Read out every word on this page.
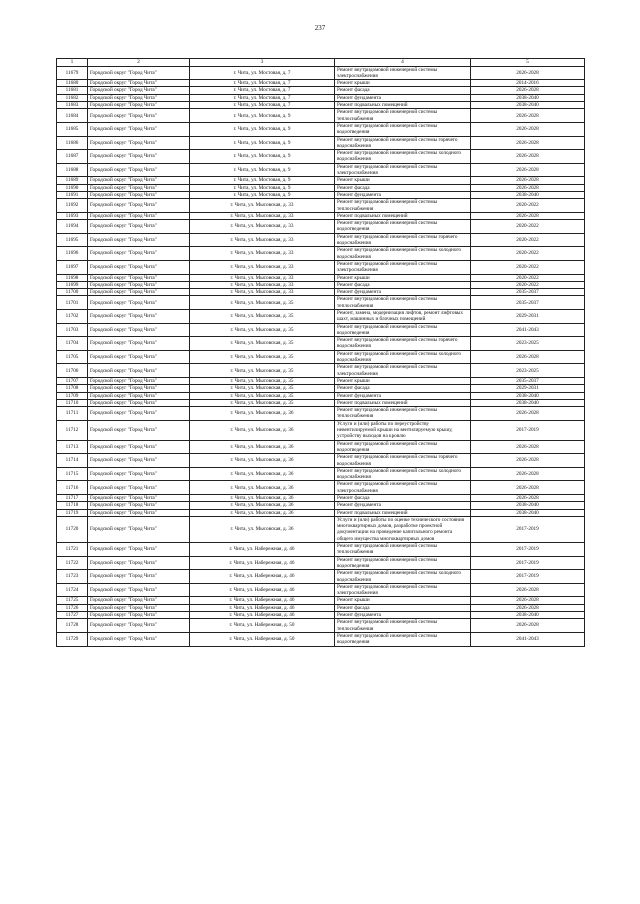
237
1	2	3	4	5
11679	Городской округ "Город Чита"	г. Чита, ул. Мостовая, д. 7	Ремонт внутридомовой инженерной системы электроснабжения	2026-2028
11680	Городской округ "Город Чита"	г. Чита, ул. Мостовая, д. 7	Ремонт крыши	2014-2016
11681	Городской округ "Город Чита"	г. Чита, ул. Мостовая, д. 7	Ремонт фасада	2026-2028
11682	Городской округ "Город Чита"	г. Чита, ул. Мостовая, д. 7	Ремонт фундамента	2038-2040
11683	Городской округ "Город Чита"	г. Чита, ул. Мостовая, д. 7	Ремонт подвальных помещений	2038-2040
11684	Городской округ "Город Чита"	г. Чита, ул. Мостовая, д. 9	Ремонт внутридомовой инженерной системы теплоснабжения	2026-2028
11685	Городской округ "Город Чита"	г. Чита, ул. Мостовая, д. 9	Ремонт внутридомовой инженерной системы водоотведения	2026-2028
11686	Городской округ "Город Чита"	г. Чита, ул. Мостовая, д. 9	Ремонт внутридомовой инженерной системы горячего водоснабжения	2026-2028
11687	Городской округ "Город Чита"	г. Чита, ул. Мостовая, д. 9	Ремонт внутридомовой инженерной системы холодного водоснабжения	2026-2028
11688	Городской округ "Город Чита"	г. Чита, ул. Мостовая, д. 9	Ремонт внутридомовой инженерной системы электроснабжения	2026-2028
11689	Городской округ "Город Чита"	г. Чита, ул. Мостовая, д. 9	Ремонт крыши	2026-2028
11690	Городской округ "Город Чита"	г. Чита, ул. Мостовая, д. 9	Ремонт фасада	2026-2028
11691	Городской округ "Город Чита"	г. Чита, ул. Мостовая, д. 9	Ремонт фундамента	2038-2040
11692	Городской округ "Город Чита"	г. Чита, ул. Мысовская, д. 33	Ремонт внутридомовой инженерной системы теплоснабжения	2020-2022
11693	Городской округ "Город Чита"	г. Чита, ул. Мысовская, д. 33	Ремонт подвальных помещений	2026-2028
11694	Городской округ "Город Чита"	г. Чита, ул. Мысовская, д. 33	Ремонт внутридомовой инженерной системы водоотведения	2020-2022
11695	Городской округ "Город Чита"	г. Чита, ул. Мысовская, д. 33	Ремонт внутридомовой инженерной системы горячего водоснабжения	2020-2022
11696	Городской округ "Город Чита"	г. Чита, ул. Мысовская, д. 33	Ремонт внутридомовой инженерной системы холодного водоснабжения	2020-2022
11697	Городской округ "Город Чита"	г. Чита, ул. Мысовская, д. 33	Ремонт внутридомовой инженерной системы электроснабжения	2020-2022
11698	Городской округ "Город Чита"	г. Чита, ул. Мысовская, д. 33	Ремонт крыши	2020-2022
11699	Городской округ "Город Чита"	г. Чита, ул. Мысовская, д. 33	Ремонт фасада	2020-2022
11700	Городской округ "Город Чита"	г. Чита, ул. Мысовская, д. 33	Ремонт фундамента	2035-2037
11701	Городской округ "Город Чита"	г. Чита, ул. Мысовская, д. 35	Ремонт внутридомовой инженерной системы теплоснабжения	2035-2037
11702	Городской округ "Город Чита"	г. Чита, ул. Мысовская, д. 35	Ремонт, замена, модернизация лифтов, ремонт лифтовых шахт, машинных и блочных помещений	2029-2031
11703	Городской округ "Город Чита"	г. Чита, ул. Мысовская, д. 35	Ремонт внутридомовой инженерной системы водоотведения	2041-2043
11704	Городской округ "Город Чита"	г. Чита, ул. Мысовская, д. 35	Ремонт внутридомовой инженерной системы горячего водоснабжения	2023-2025
11705	Городской округ "Город Чита"	г. Чита, ул. Мысовская, д. 35	Ремонт внутридомовой инженерной системы холодного водоснабжения	2026-2028
11706	Городской округ "Город Чита"	г. Чита, ул. Мысовская, д. 35	Ремонт внутридомовой инженерной системы электроснабжения	2023-2025
11707	Городской округ "Город Чита"	г. Чита, ул. Мысовская, д. 35	Ремонт крыши	2035-2037
11708	Городской округ "Город Чита"	г. Чита, ул. Мысовская, д. 35	Ремонт фасада	2029-2031
11709	Городской округ "Город Чита"	г. Чита, ул. Мысовская, д. 35	Ремонт фундамента	2038-2040
11710	Городской округ "Город Чита"	г. Чита, ул. Мысовская, д. 35	Ремонт подвальных помещений	2038-2040
11711	Городской округ "Город Чита"	г. Чита, ул. Мысовская, д. 36	Ремонт внутридомовой инженерной системы теплоснабжения	2026-2028
11712	Городской округ "Город Чита"	г. Чита, ул. Мысовская, д. 36	Услуги и (или) работы по переустройству невентилируемой крыши на вентилируемую крышу, устройству выходов на кровлю	2017-2019
11713	Городской округ "Город Чита"	г. Чита, ул. Мысовская, д. 36	Ремонт внутридомовой инженерной системы водоотведения	2026-2028
11714	Городской округ "Город Чита"	г. Чита, ул. Мысовская, д. 36	Ремонт внутридомовой инженерной системы горячего водоснабжения	2026-2028
11715	Городской округ "Город Чита"	г. Чита, ул. Мысовская, д. 36	Ремонт внутридомовой инженерной системы холодного водоснабжения	2026-2028
11716	Городской округ "Город Чита"	г. Чита, ул. Мысовская, д. 36	Ремонт внутридомовой инженерной системы электроснабжения	2026-2028
11717	Городской округ "Город Чита"	г. Чита, ул. Мысовская, д. 36	Ремонт фасада	2026-2028
11718	Городской округ "Город Чита"	г. Чита, ул. Мысовская, д. 36	Ремонт фундамента	2038-2040
11719	Городской округ "Город Чита"	г. Чита, ул. Мысовская, д. 36	Ремонт подвальных помещений	2038-2040
11720	Городской округ "Город Чита"	г. Чита, ул. Мысовская, д. 36	Услуги и (или) работы по оценке технического состояния многоквартирных домов, разработке проектной документации на проведение капитального ремонта общего имущества многоквартирных домов	2017-2019
11721	Городской округ "Город Чита"	г. Чита, ул. Набережная, д. 46	Ремонт внутридомовой инженерной системы теплоснабжения	2017-2019
11722	Городской округ "Город Чита"	г. Чита, ул. Набережная, д. 46	Ремонт внутридомовой инженерной системы водоотведения	2017-2019
11723	Городской округ "Город Чита"	г. Чита, ул. Набережная, д. 46	Ремонт внутридомовой инженерной системы холодного водоснабжения	2017-2019
11724	Городской округ "Город Чита"	г. Чита, ул. Набережная, д. 46	Ремонт внутридомовой инженерной системы электроснабжения	2026-2028
11725	Городской округ "Город Чита"	г. Чита, ул. Набережная, д. 46	Ремонт крыши	2026-2028
11726	Городской округ "Город Чита"	г. Чита, ул. Набережная, д. 46	Ремонт фасада	2026-2028
11727	Городской округ "Город Чита"	г. Чита, ул. Набережная, д. 46	Ремонт фундамента	2038-2040
11728	Городской округ "Город Чита"	г. Чита, ул. Набережная, д. 50	Ремонт внутридомовой инженерной системы теплоснабжения	2026-2028
11729	Городской округ "Город Чита"	г. Чита, ул. Набережная, д. 50	Ремонт внутридомовой инженерной системы водоотведения	2041-2043
